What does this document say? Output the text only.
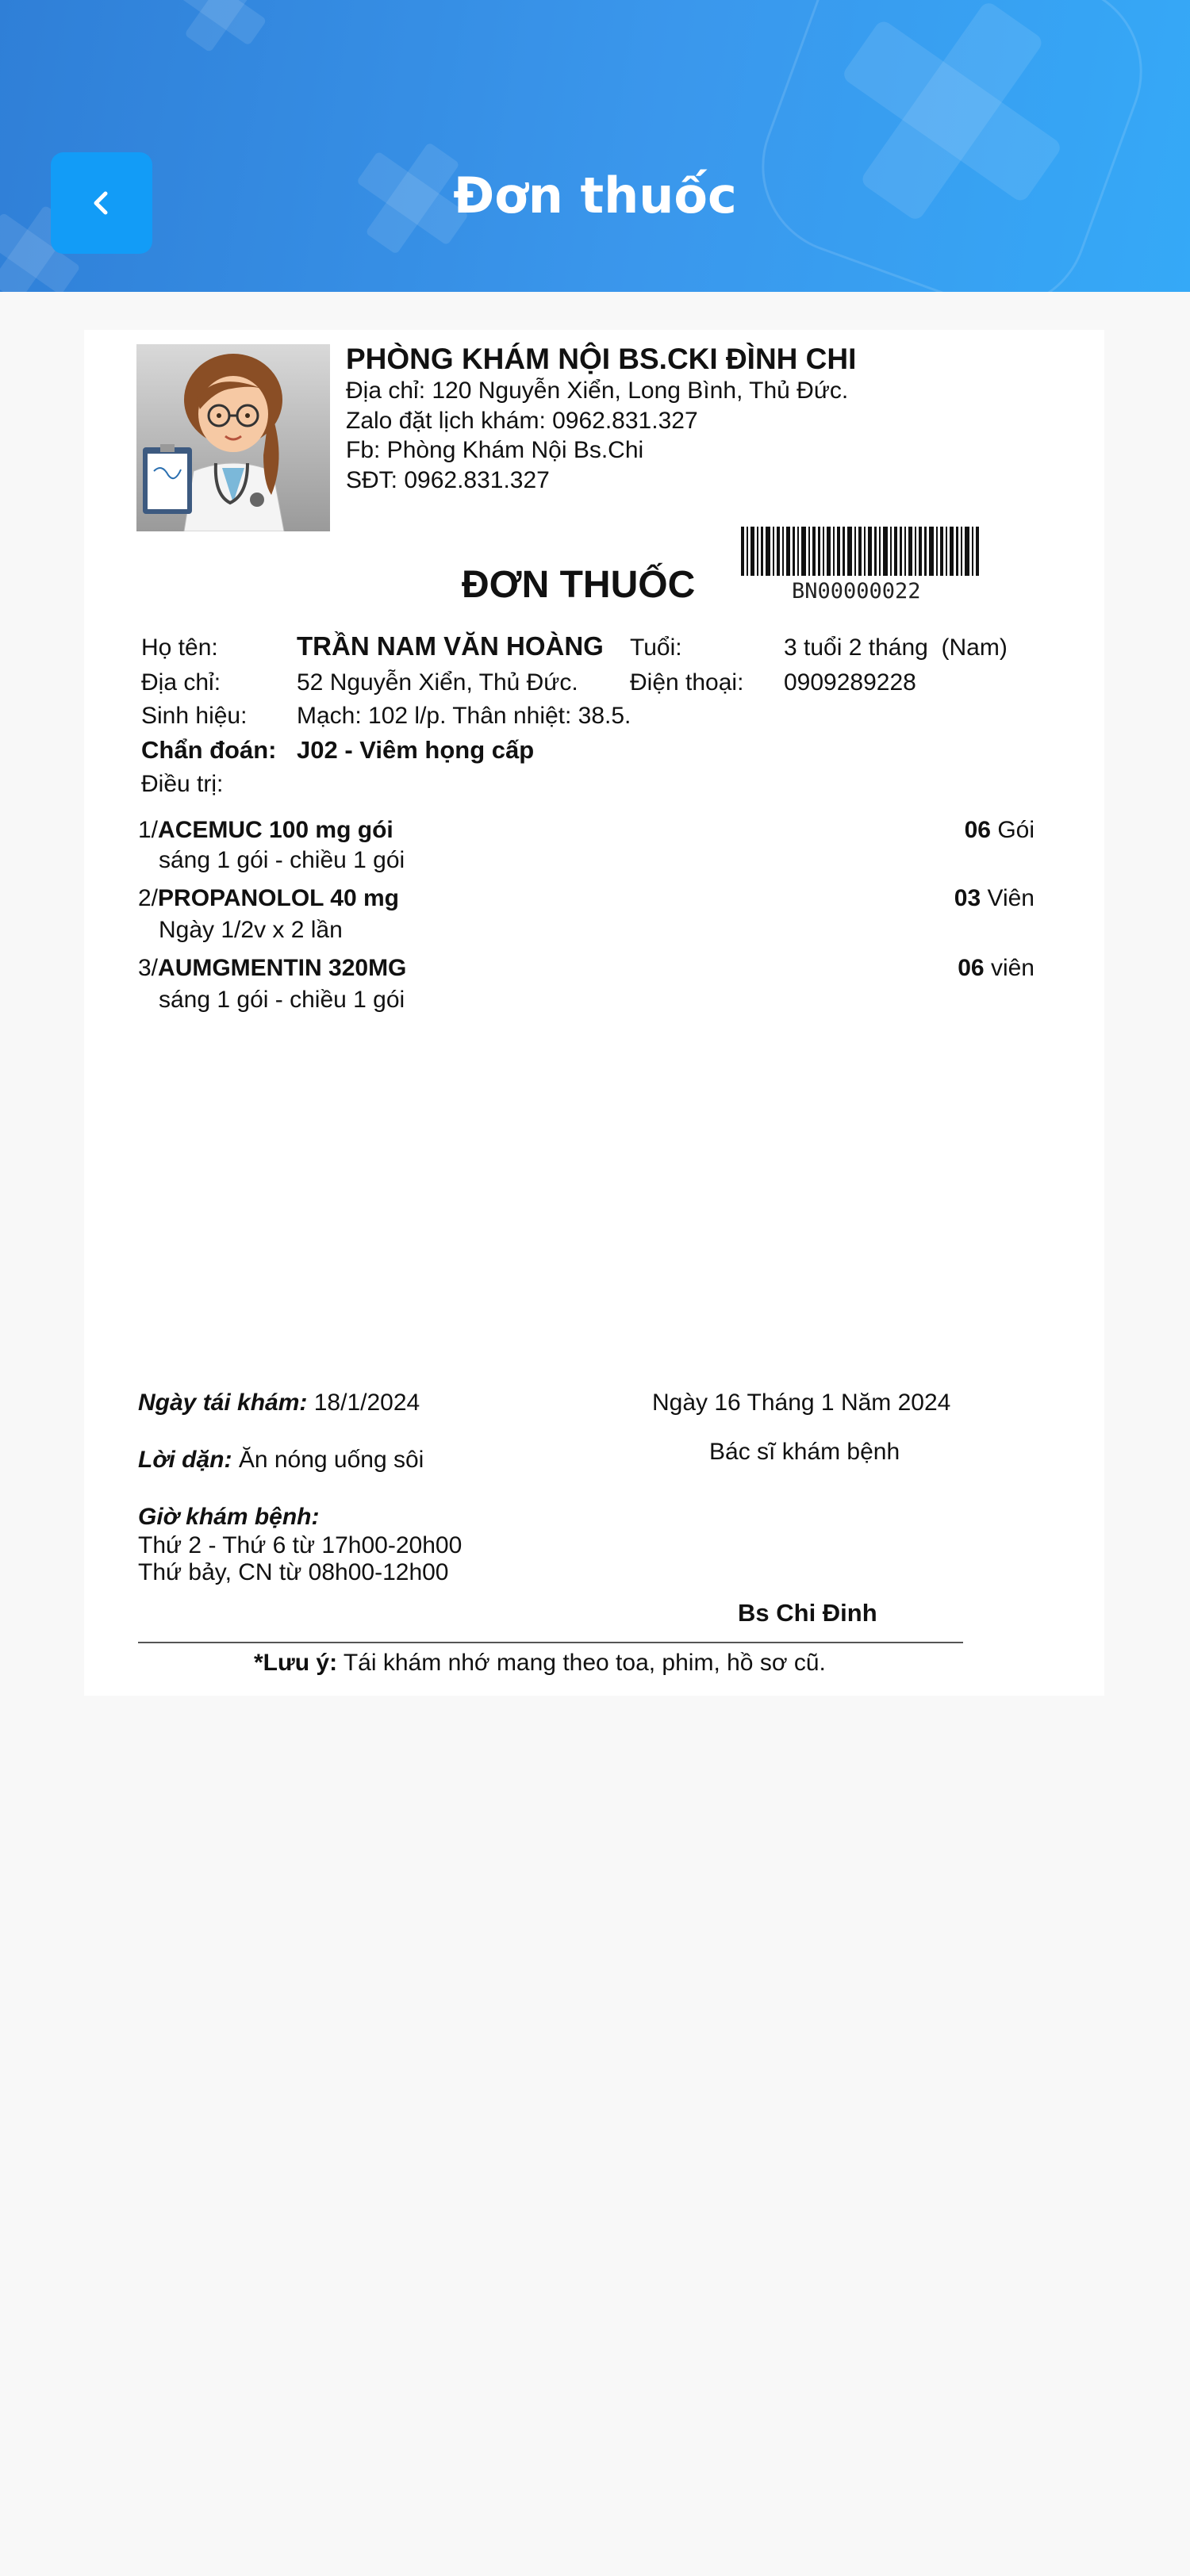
Đơn thuốc
PHÒNG KHÁM NỘI BS.CKI ĐÌNH CHI
Địa chỉ: 120 Nguyễn Xiển, Long Bình, Thủ Đức.
Zalo đặt lịch khám: 0962.831.327
Fb: Phòng Khám Nội Bs.Chi
SĐT: 0962.831.327
BN00000022
ĐƠN THUỐC
Họ tên:	TRẦN NAM VĂN HOÀNG Tuổi:	3 tuổi 2 tháng  (Nam)
Địa chỉ:	52 Nguyễn Xiển, Thủ Đức. Điện thoại: 0909289228
Sinh hiệu: Mạch: 102 l/p. Thân nhiệt: 38.5.
Chẩn đoán: J02 - Viêm họng cấp
Điều trị:
1/ACEMUC 100 mg gói	06 Gói
sáng 1 gói - chiều 1 gói
2/PROPANOLOL 40 mg	03 Viên
Ngày 1/2v x 2 lần
3/AUMGMENTIN 320MG	06 viên
sáng 1 gói - chiều 1 gói
Ngày tái khám: 18/1/2024	Ngày 16 Tháng 1 Năm 2024
Lời dặn: Ăn nóng uống sôi	Bác sĩ khám bệnh
Giờ khám bệnh:
Thứ 2 - Thứ 6 từ 17h00-20h00
Thứ bảy, CN từ 08h00-12h00
Bs Chi Đinh
*Lưu ý: Tái khám nhớ mang theo toa, phim, hồ sơ cũ.
